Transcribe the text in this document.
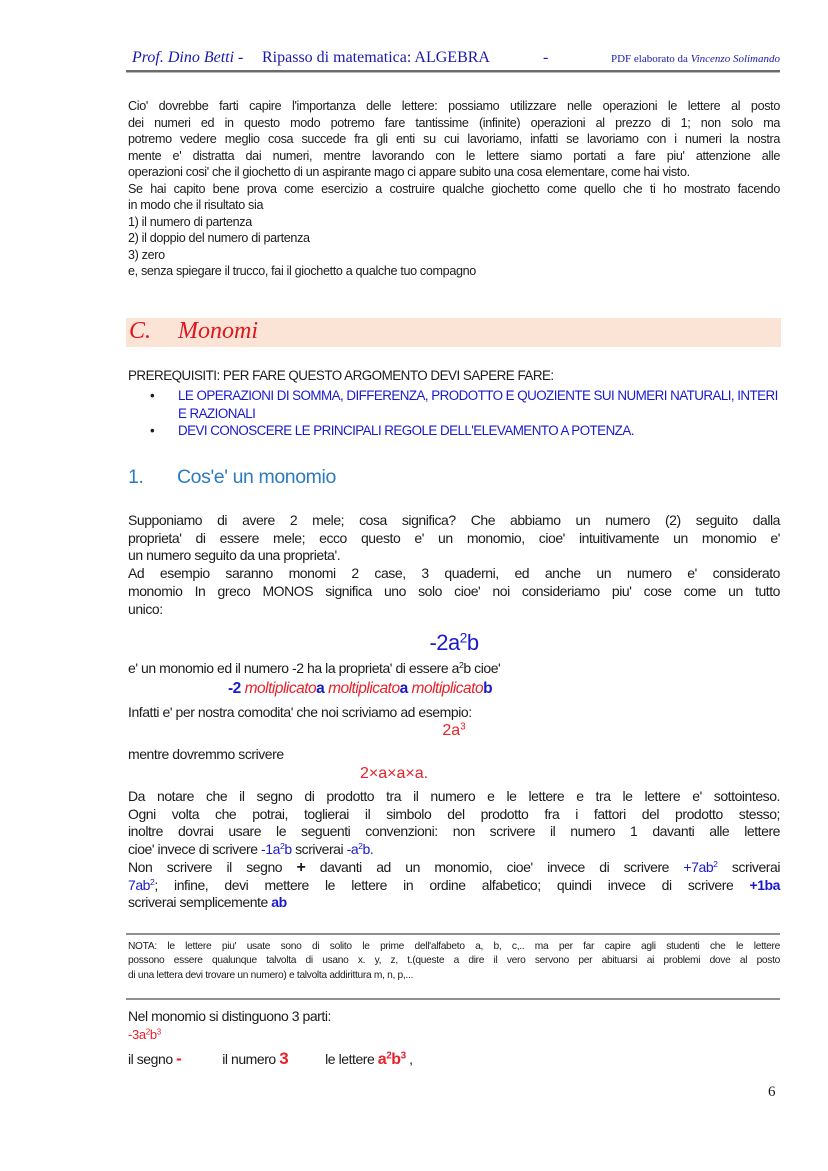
Prof. Dino Betti - Ripasso di matematica: ALGEBRA	-	PDF elaborato da Vincenzo Solimando
Cio' dovrebbe farti capire l'importanza delle lettere: possiamo utilizzare nelle operazioni le lettere al posto
dei numeri ed in questo modo potremo fare tantissime (infinite) operazioni al prezzo di 1; non solo ma
potremo vedere meglio cosa succede fra gli enti su cui lavoriamo, infatti se lavoriamo con i numeri la nostra
mente e' distratta dai numeri, mentre lavorando con le lettere siamo portati a fare piu' attenzione alle
operazioni cosi' che il giochetto di un aspirante mago ci appare subito una cosa elementare, come hai visto.
Se hai capito bene prova come esercizio a costruire qualche giochetto come quello che ti ho mostrato facendo
in modo che il risultato sia
1) il numero di partenza
2) il doppio del numero di partenza
3) zero
e, senza spiegare il trucco, fai il giochetto a qualche tuo compagno
C. Monomi
PREREQUISITI: PER FARE QUESTO ARGOMENTO DEVI SAPERE FARE:
• LE OPERAZIONI DI SOMMA, DIFFERENZA, PRODOTTO E QUOZIENTE SUI NUMERI NATURALI, INTERI E RAZIONALI
• DEVI CONOSCERE LE PRINCIPALI REGOLE DELL'ELEVAMENTO A POTENZA.
1. Cos'e' un monomio
Supponiamo di avere 2 mele; cosa significa? Che abbiamo un numero (2) seguito dalla
proprieta' di essere mele; ecco questo e' un monomio, cioe' intuitivamente un monomio e'
un numero seguito da una proprieta'.
Ad esempio saranno monomi 2 case, 3 quaderni, ed anche un numero e' considerato
monomio In greco MONOS significa uno solo cioe' noi consideriamo piu' cose come un tutto
unico:
$-2a^2b$
e' un monomio ed il numero -2 ha la proprieta' di essere $a^2b$ cioe'
-2 moltiplicatoa moltiplicatoa moltiplicatob
Infatti e' per nostra comodita' che noi scriviamo ad esempio:
$2a^3$
mentre dovremmo scrivere
2×a×a×a.
Da notare che il segno di prodotto tra il numero e le lettere e tra le lettere e' sottointeso.
Ogni volta che potrai, toglierai il simbolo del prodotto fra i fattori del prodotto stesso;
inoltre dovrai usare le seguenti convenzioni: non scrivere il numero 1 davanti alle lettere
cioe' invece di scrivere $-1a^2b$ scriverai $-a^2b$.
Non scrivere il segno + davanti ad un monomio, cioe' invece di scrivere $+7ab^2$ scriverai
$7ab^2$; infine, devi mettere le lettere in ordine alfabetico; quindi invece di scrivere +1ba
scriverai semplicemente ab
NOTA: le lettere piu' usate sono di solito le prime dell'alfabeto a, b, c,.. ma per far capire agli studenti che le lettere
possono essere qualunque talvolta di usano x. y, z, t.(queste a dire il vero servono per abituarsi ai problemi dove al posto
di una lettera devi trovare un numero) e talvolta addirittura m, n, p,...
Nel monomio si distinguono 3 parti:
$-3a^2b^3$
il segno -	il numero 3	le lettere $a^2b^3$ ,
6
